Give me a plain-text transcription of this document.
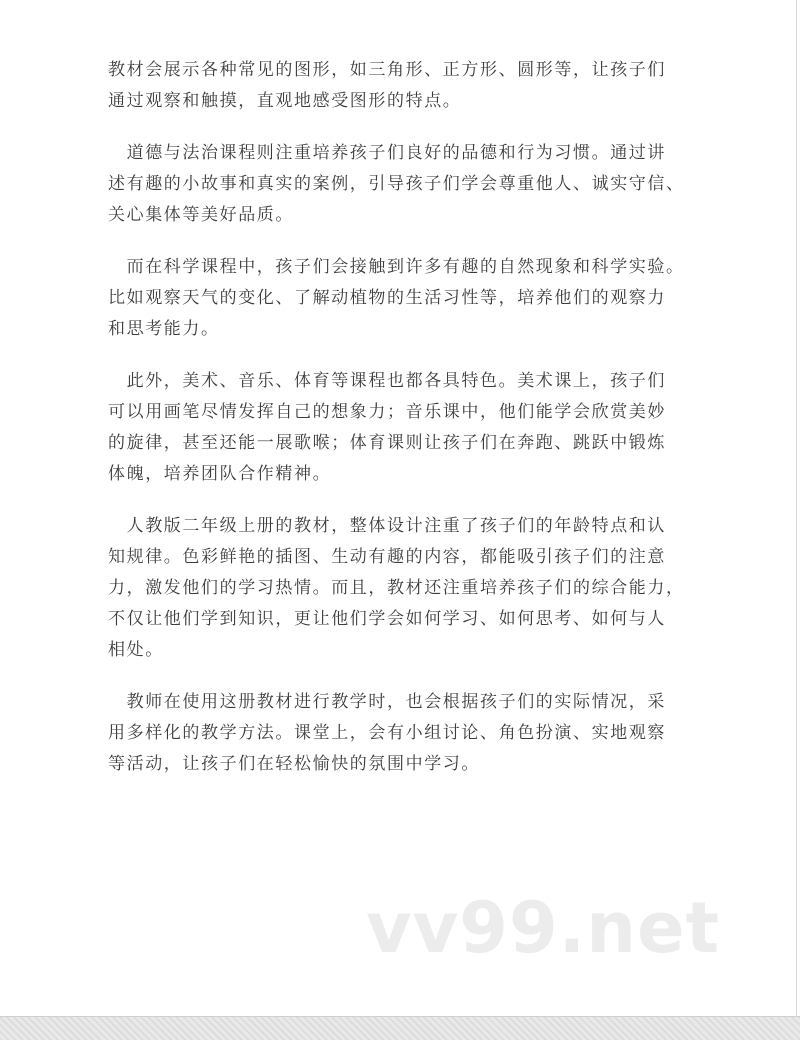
教材会展示各种常见的图形，如三角形、正方形、圆形等，让孩子们
通过观察和触摸，直观地感受图形的特点。
　道德与法治课程则注重培养孩子们良好的品德和行为习惯。通过讲
述有趣的小故事和真实的案例，引导孩子们学会尊重他人、诚实守信、
关心集体等美好品质。
　而在科学课程中，孩子们会接触到许多有趣的自然现象和科学实验。
比如观察天气的变化、了解动植物的生活习性等，培养他们的观察力
和思考能力。
　此外，美术、音乐、体育等课程也都各具特色。美术课上，孩子们
可以用画笔尽情发挥自己的想象力；音乐课中，他们能学会欣赏美妙
的旋律，甚至还能一展歌喉；体育课则让孩子们在奔跑、跳跃中锻炼
体魄，培养团队合作精神。
　人教版二年级上册的教材，整体设计注重了孩子们的年龄特点和认
知规律。色彩鲜艳的插图、生动有趣的内容，都能吸引孩子们的注意
力，激发他们的学习热情。而且，教材还注重培养孩子们的综合能力，
不仅让他们学到知识，更让他们学会如何学习、如何思考、如何与人
相处。
　教师在使用这册教材进行教学时，也会根据孩子们的实际情况，采
用多样化的教学方法。课堂上，会有小组讨论、角色扮演、实地观察
等活动，让孩子们在轻松愉快的氛围中学习。
vv99.net
